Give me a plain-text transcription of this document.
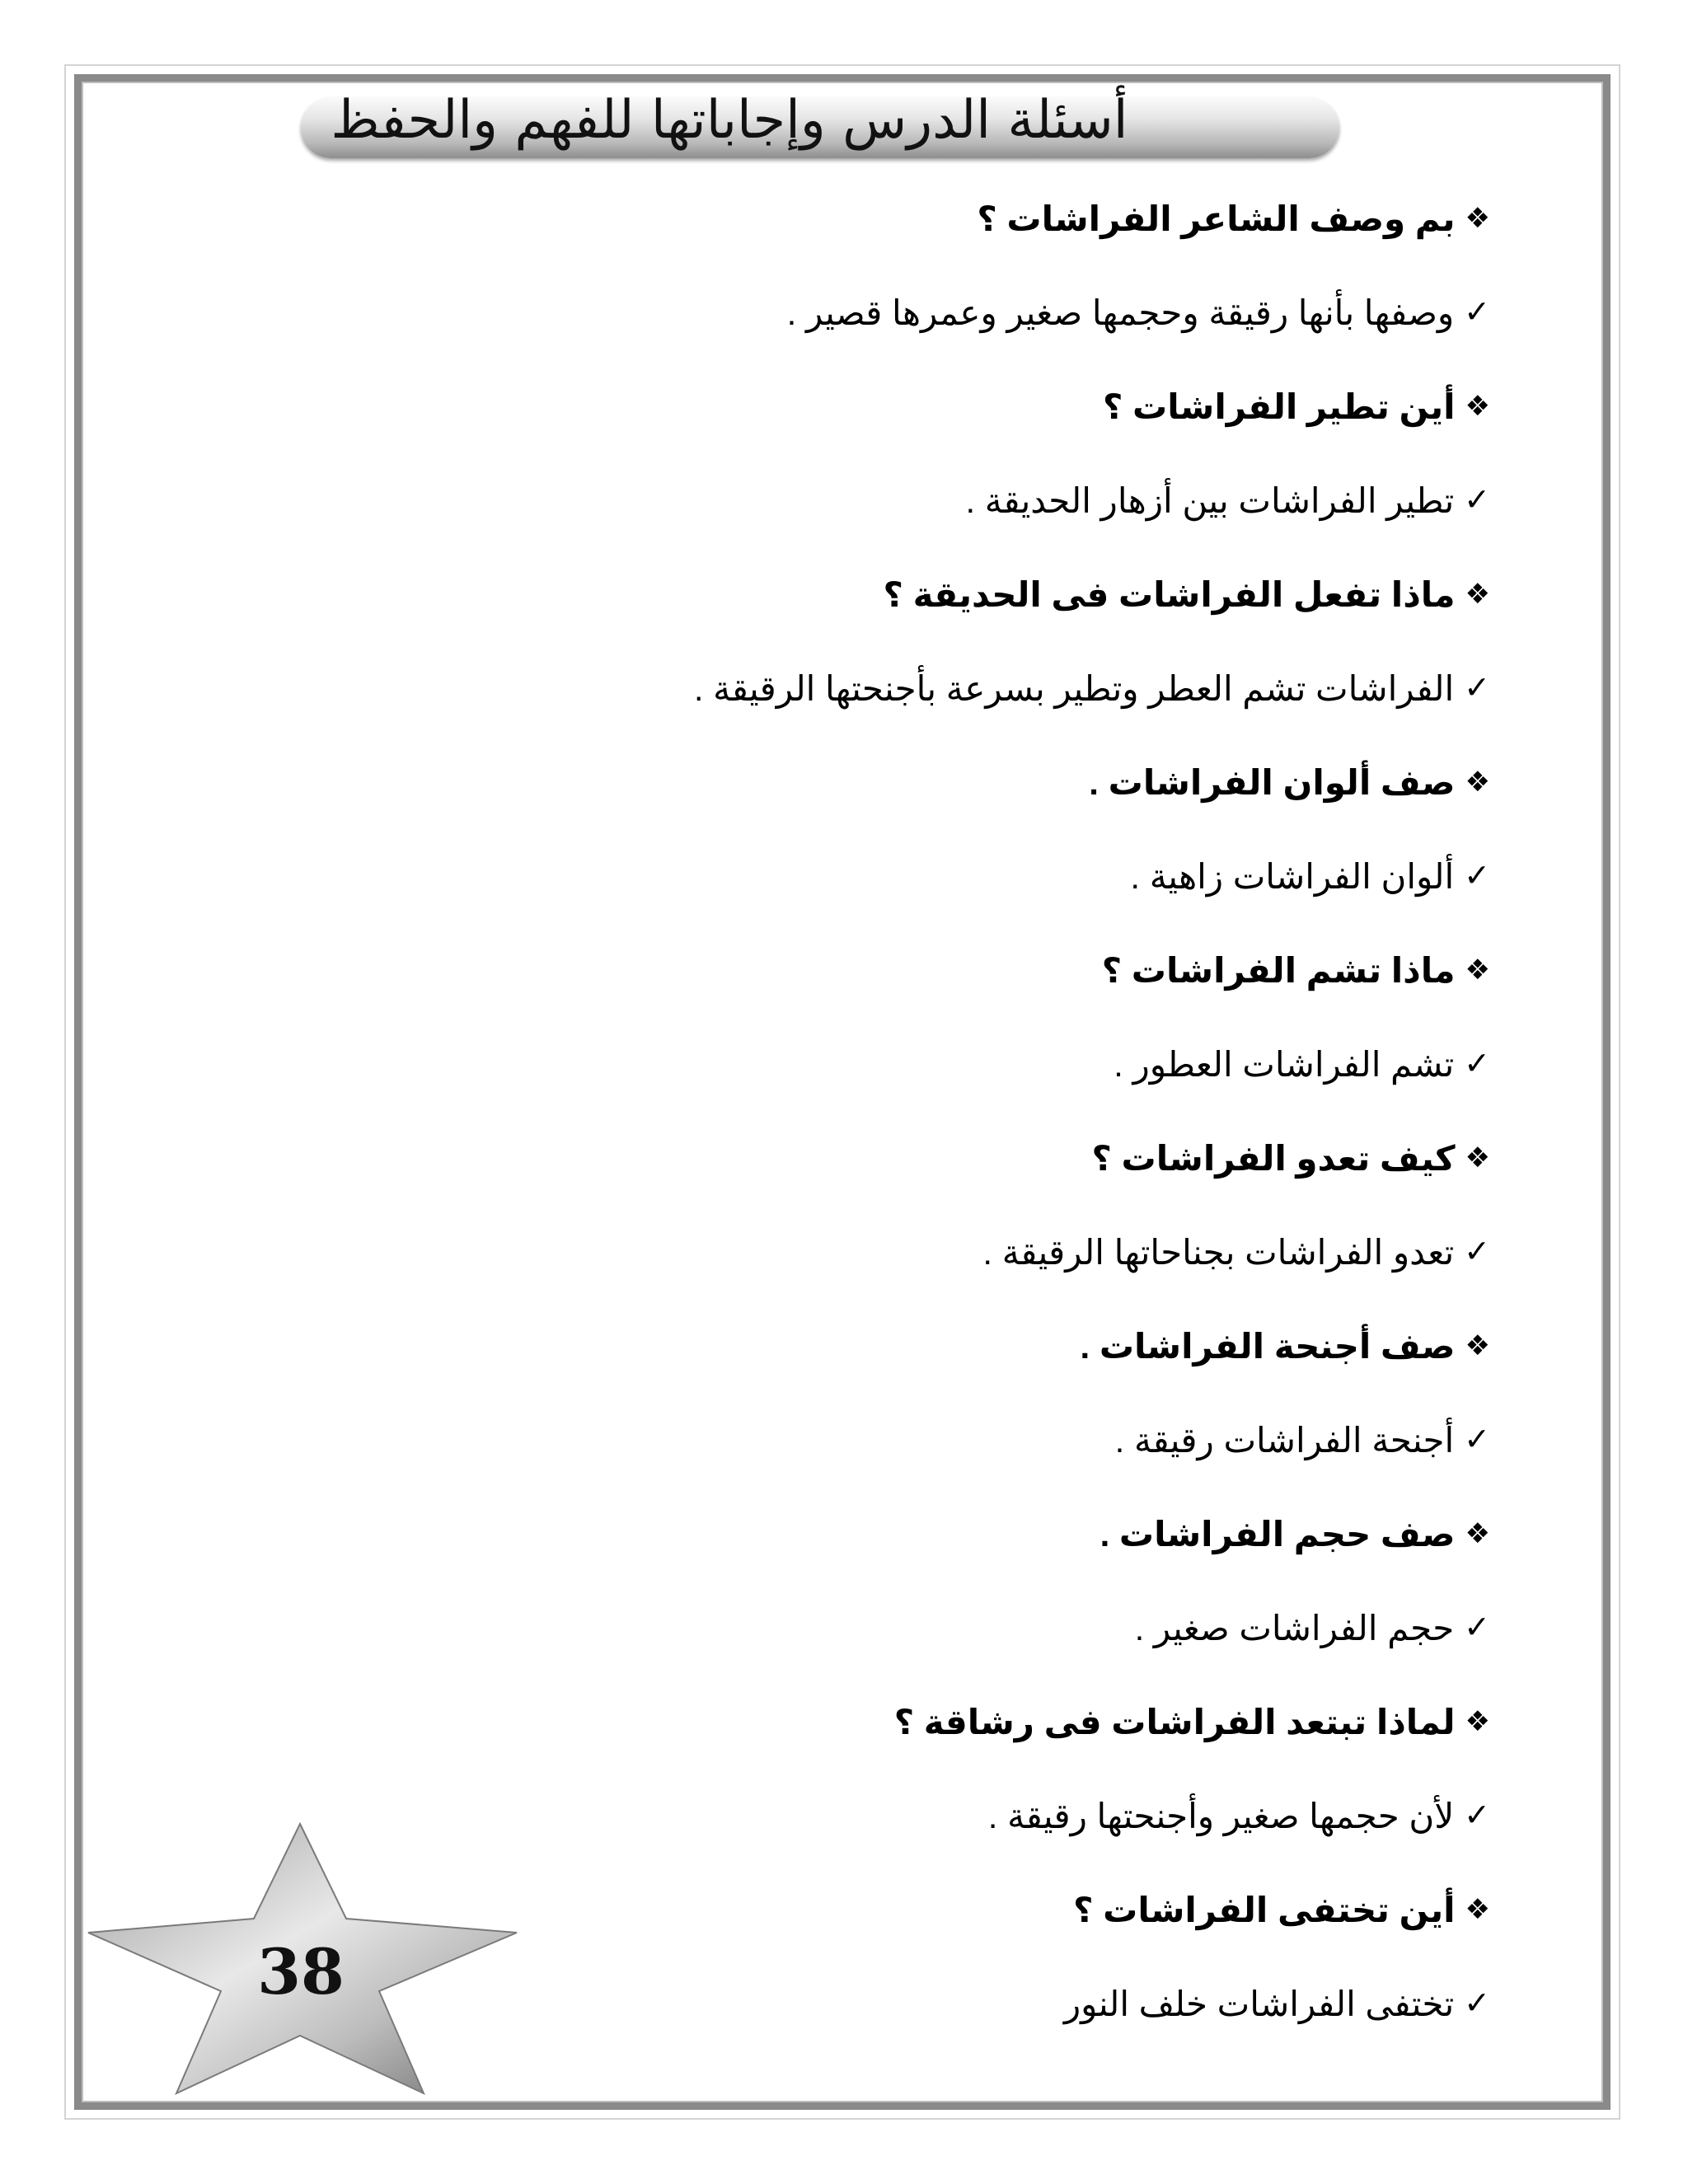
أسئلة الدرس وإجاباتها للفهم والحفظ
❖
بم وصف الشاعر الفراشات ؟
✓
وصفها بأنها رقيقة وحجمها صغير وعمرها قصير .
❖
أين تطير الفراشات ؟
✓
تطير الفراشات بين أزهار الحديقة .
❖
ماذا تفعل الفراشات فى الحديقة ؟
✓
الفراشات تشم العطر وتطير بسرعة بأجنحتها الرقيقة .
❖
صف ألوان الفراشات .
✓
ألوان الفراشات زاهية .
❖
ماذا تشم الفراشات ؟
✓
تشم الفراشات العطور .
❖
كيف تعدو الفراشات ؟
✓
تعدو الفراشات بجناحاتها الرقيقة .
❖
صف أجنحة الفراشات .
✓
أجنحة الفراشات رقيقة .
❖
صف حجم الفراشات .
✓
حجم الفراشات صغير .
❖
لماذا تبتعد الفراشات فى رشاقة ؟
✓
لأن حجمها صغير وأجنحتها رقيقة .
❖
أين تختفى الفراشات ؟
✓
تختفى الفراشات خلف النور
38
